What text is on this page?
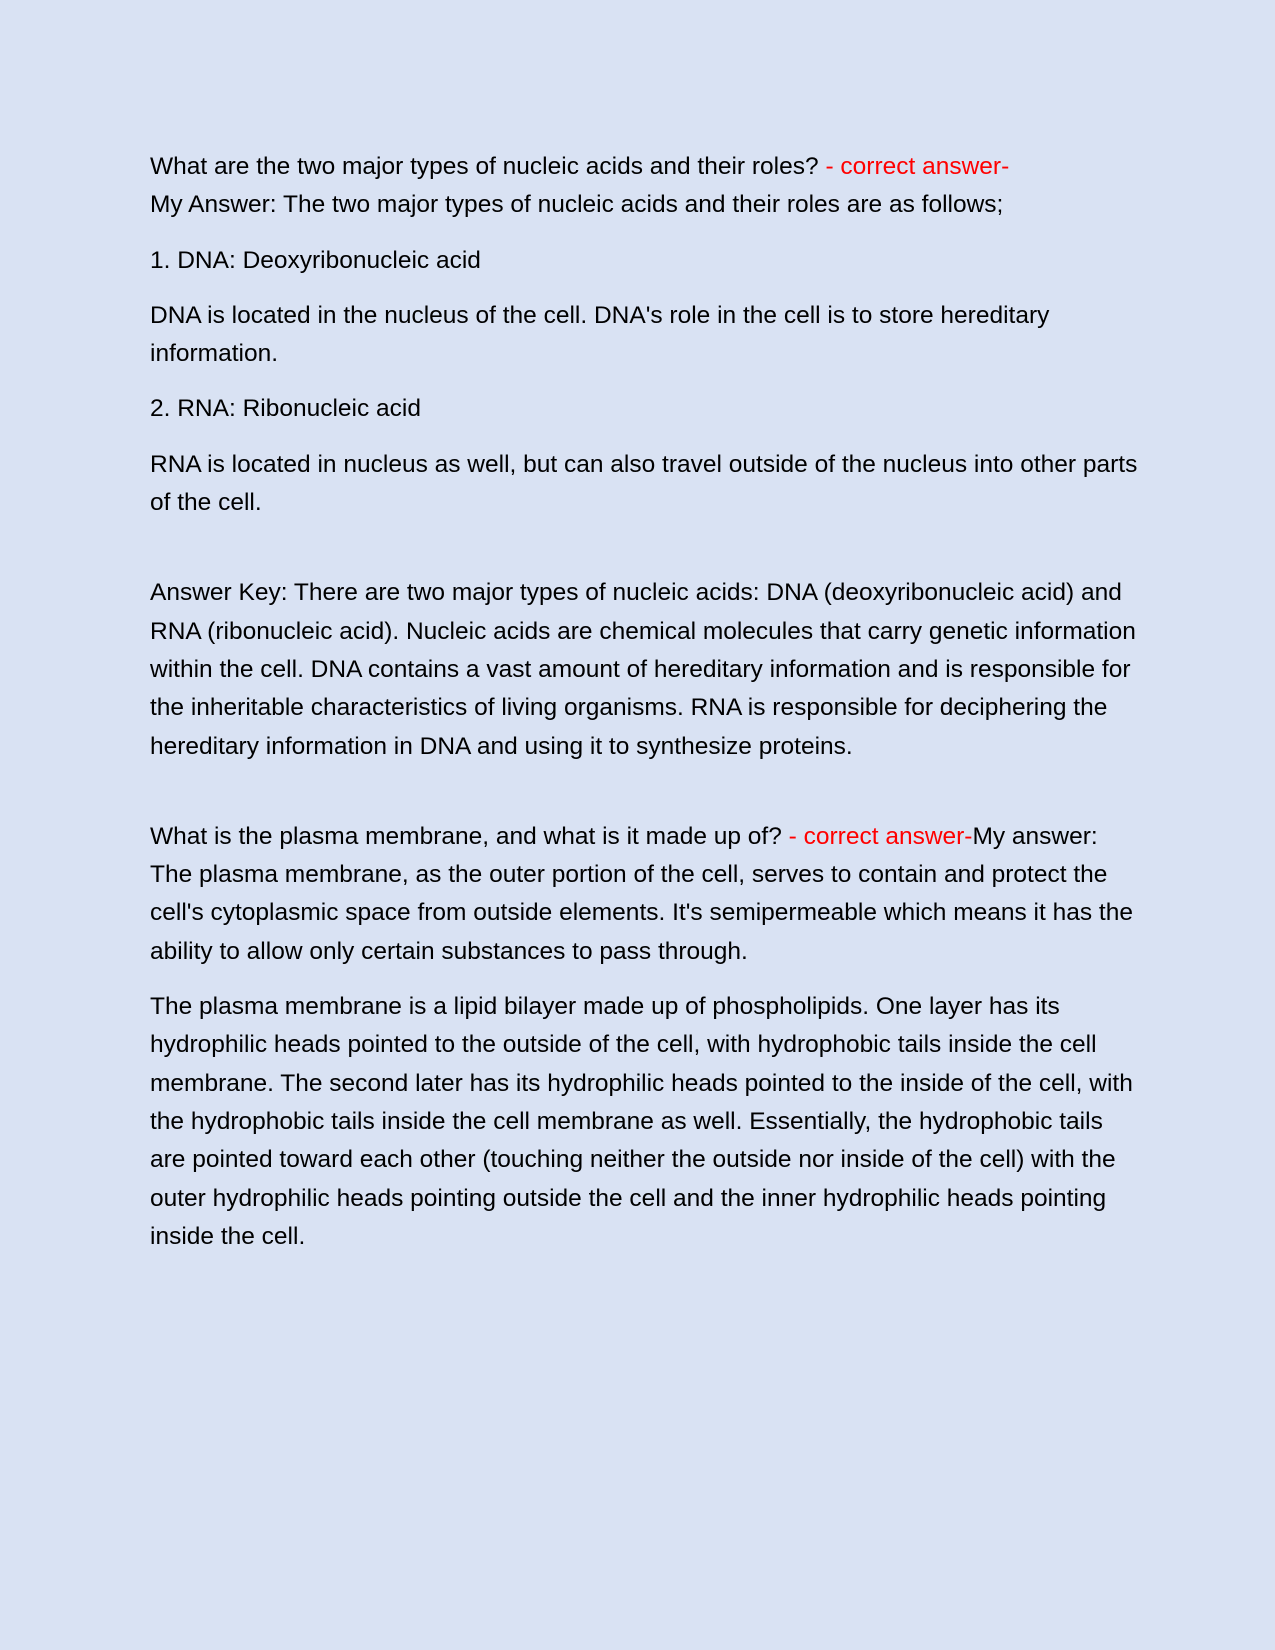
What are the two major types of nucleic acids and their roles? - correct answer-
My Answer: The two major types of nucleic acids and their roles are as follows;

1. DNA: Deoxyribonucleic acid

DNA is located in the nucleus of the cell. DNA's role in the cell is to store hereditary information.

2. RNA: Ribonucleic acid

RNA is located in nucleus as well, but can also travel outside of the nucleus into other parts of the cell.

Answer Key: There are two major types of nucleic acids: DNA (deoxyribonucleic acid) and RNA (ribonucleic acid). Nucleic acids are chemical molecules that carry genetic information within the cell. DNA contains a vast amount of hereditary information and is responsible for the inheritable characteristics of living organisms. RNA is responsible for deciphering the hereditary information in DNA and using it to synthesize proteins.

What is the plasma membrane, and what is it made up of? - correct answer-My answer: The plasma membrane, as the outer portion of the cell, serves to contain and protect the cell's cytoplasmic space from outside elements. It's semipermeable which means it has the ability to allow only certain substances to pass through.

The plasma membrane is a lipid bilayer made up of phospholipids. One layer has its hydrophilic heads pointed to the outside of the cell, with hydrophobic tails inside the cell membrane. The second later has its hydrophilic heads pointed to the inside of the cell, with the hydrophobic tails inside the cell membrane as well. Essentially, the hydrophobic tails are pointed toward each other (touching neither the outside nor inside of the cell) with the outer hydrophilic heads pointing outside the cell and the inner hydrophilic heads pointing inside the cell.
